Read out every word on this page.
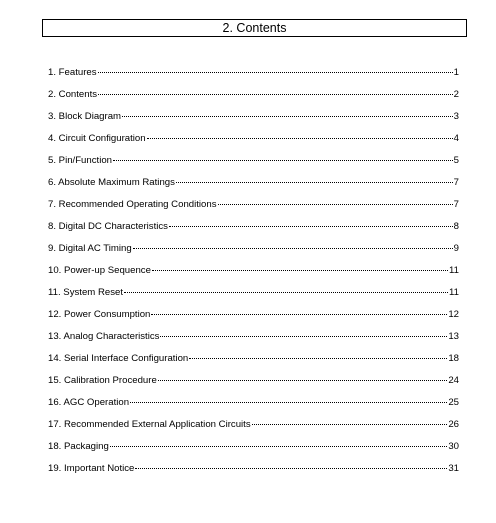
2. Contents
1. Features	1
2. Contents	2
3. Block Diagram	3
4. Circuit Configuration	4
5. Pin/Function	5
6. Absolute Maximum Ratings	7
7. Recommended Operating Conditions	7
8. Digital DC Characteristics	8
9. Digital AC Timing	9
10. Power-up Sequence	11
11. System Reset	11
12. Power Consumption	12
13. Analog Characteristics	13
14. Serial Interface Configuration	18
15. Calibration Procedure	24
16. AGC Operation	25
17. Recommended External Application Circuits	26
18. Packaging	30
19. Important Notice	31
